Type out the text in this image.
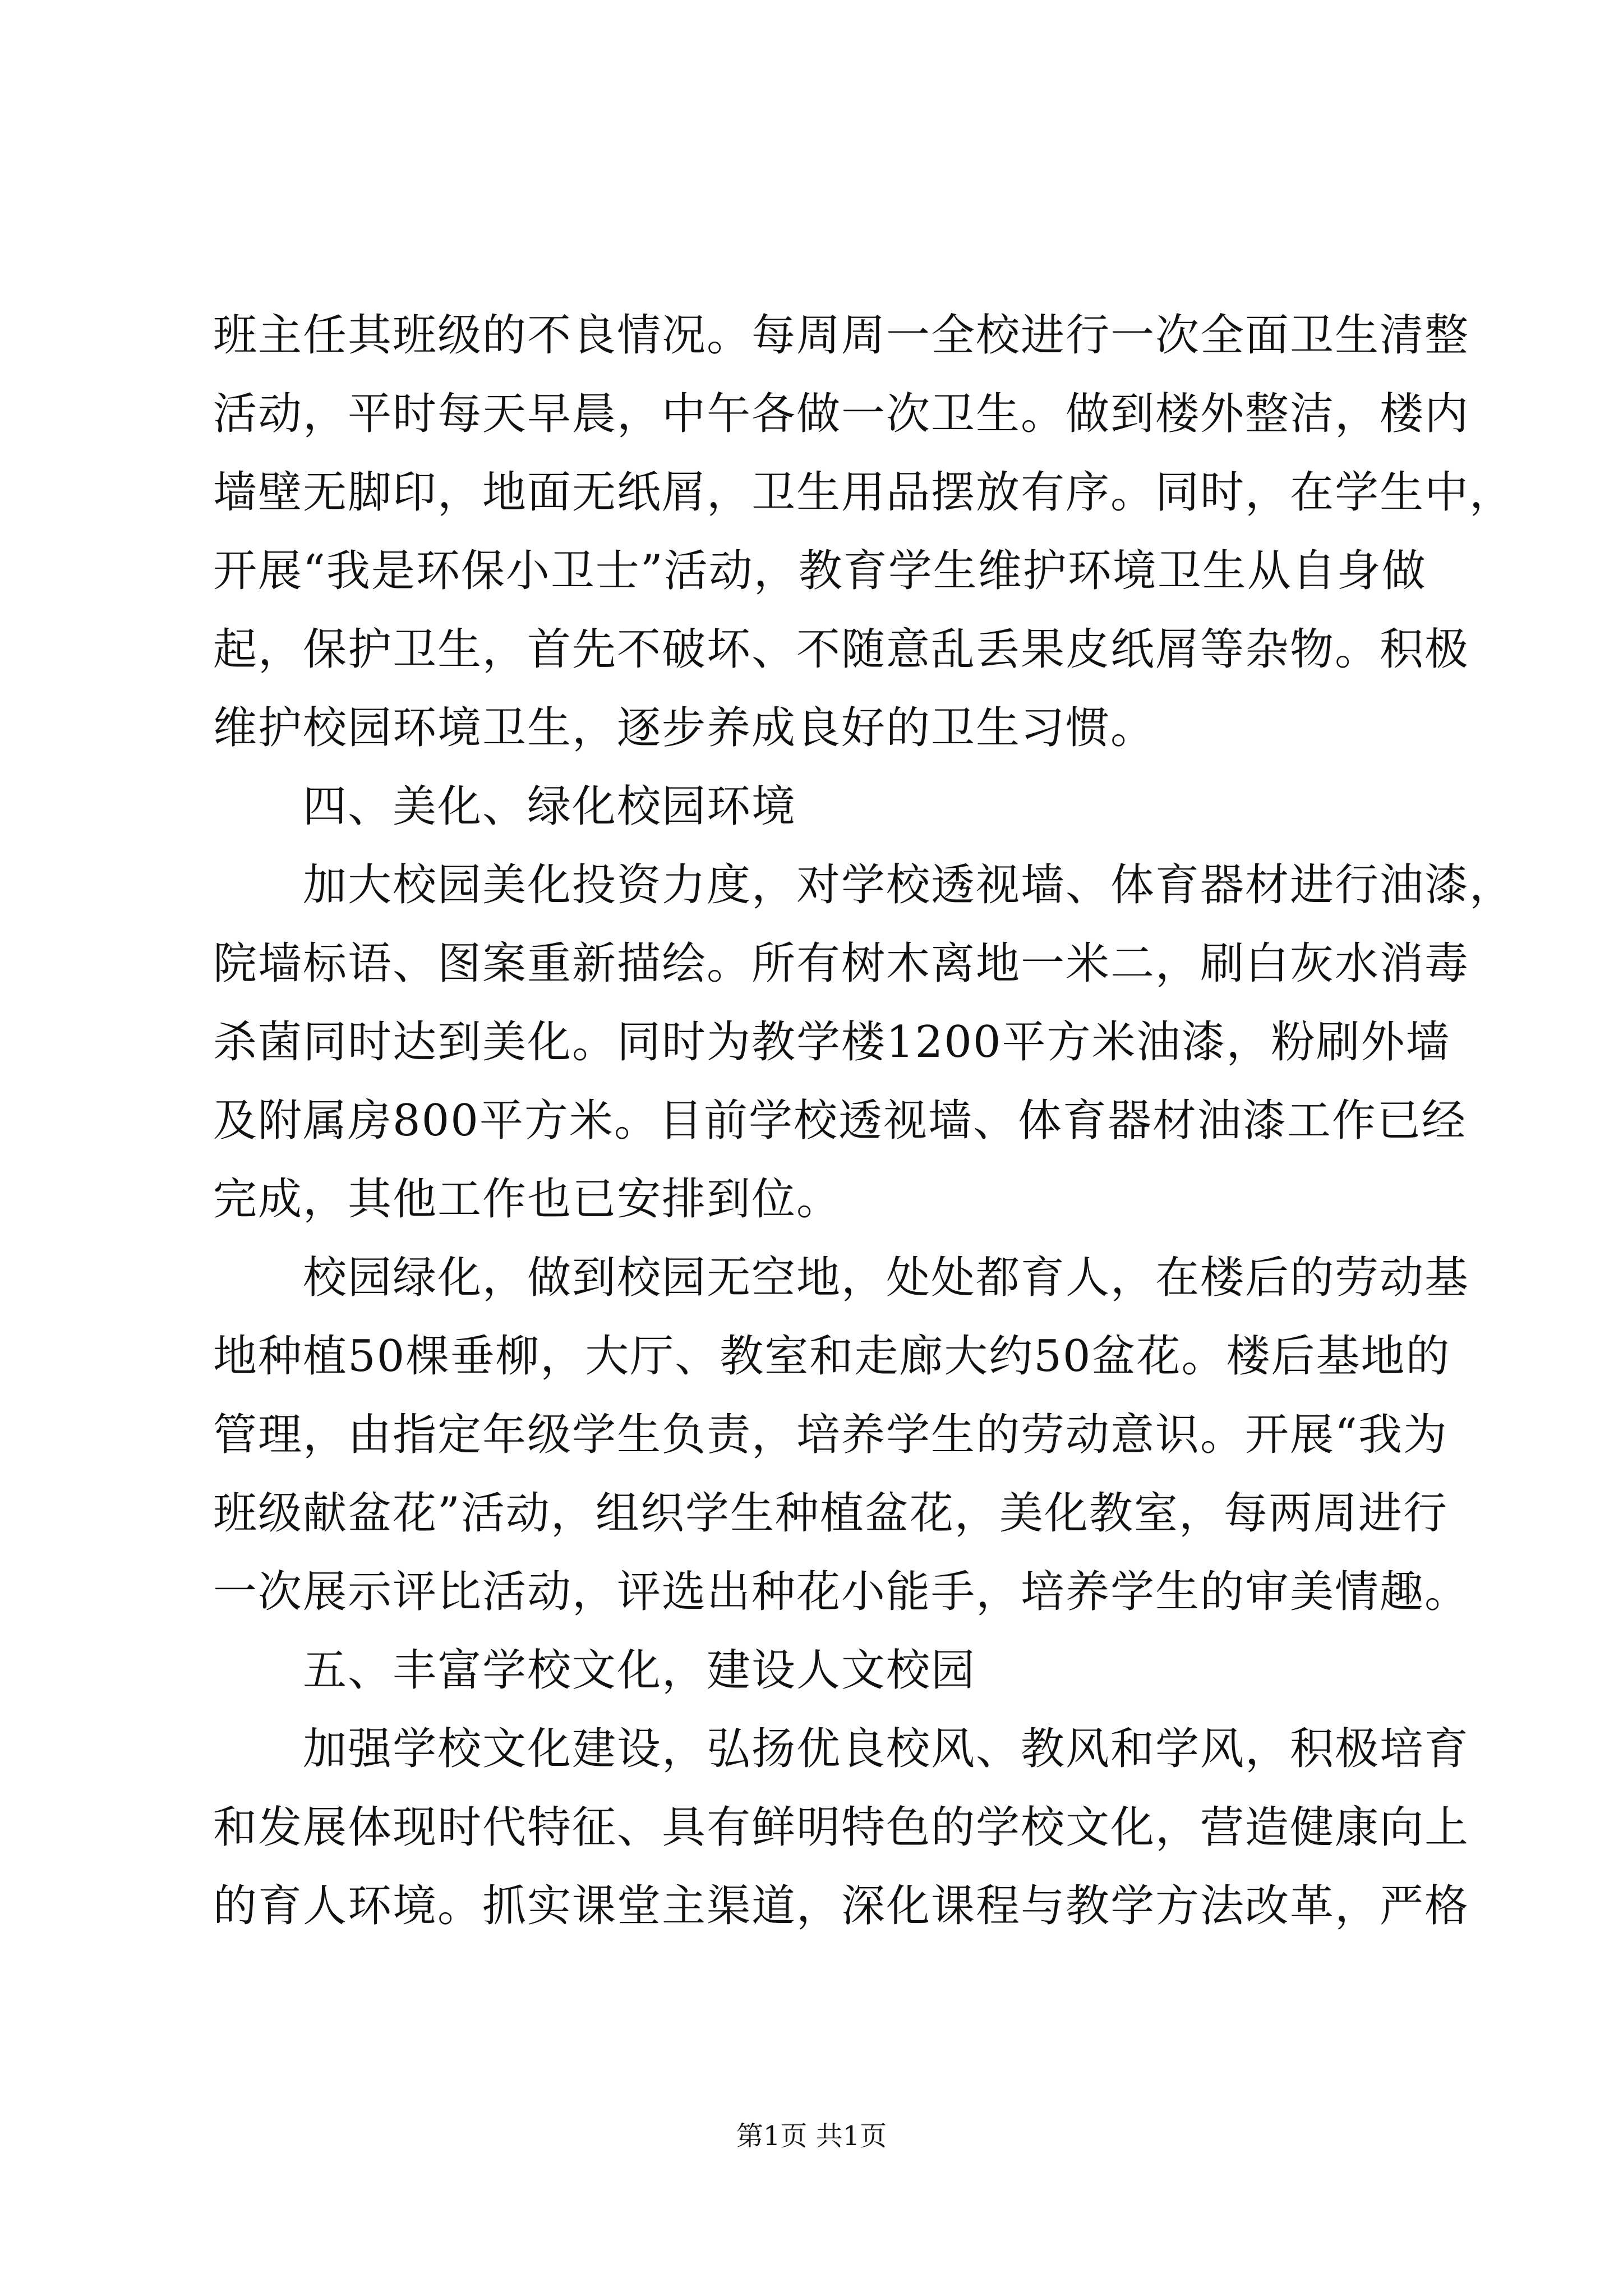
班主任其班级的不良情况。每周周一全校进行一次全面卫生清整
活动，平时每天早晨，中午各做一次卫生。做到楼外整洁，楼内
墙壁无脚印，地面无纸屑，卫生用品摆放有序。同时，在学生中，
开展“我是环保小卫士”活动，教育学生维护环境卫生从自身做
起，保护卫生，首先不破坏、不随意乱丢果皮纸屑等杂物。积极
维护校园环境卫生，逐步养成良好的卫生习惯。
四、美化、绿化校园环境
加大校园美化投资力度，对学校透视墙、体育器材进行油漆，
院墙标语、图案重新描绘。所有树木离地一米二，刷白灰水消毒
杀菌同时达到美化。同时为教学楼1200平方米油漆，粉刷外墙
及附属房800平方米。目前学校透视墙、体育器材油漆工作已经
完成，其他工作也已安排到位。
校园绿化，做到校园无空地，处处都育人，在楼后的劳动基
地种植50棵垂柳，大厅、教室和走廊大约50盆花。楼后基地的
管理，由指定年级学生负责，培养学生的劳动意识。开展“我为
班级献盆花”活动，组织学生种植盆花，美化教室，每两周进行
一次展示评比活动，评选出种花小能手，培养学生的审美情趣。
五、丰富学校文化，建设人文校园
加强学校文化建设，弘扬优良校风、教风和学风，积极培育
和发展体现时代特征、具有鲜明特色的学校文化，营造健康向上
的育人环境。抓实课堂主渠道，深化课程与教学方法改革，严格
第1页 共1页
